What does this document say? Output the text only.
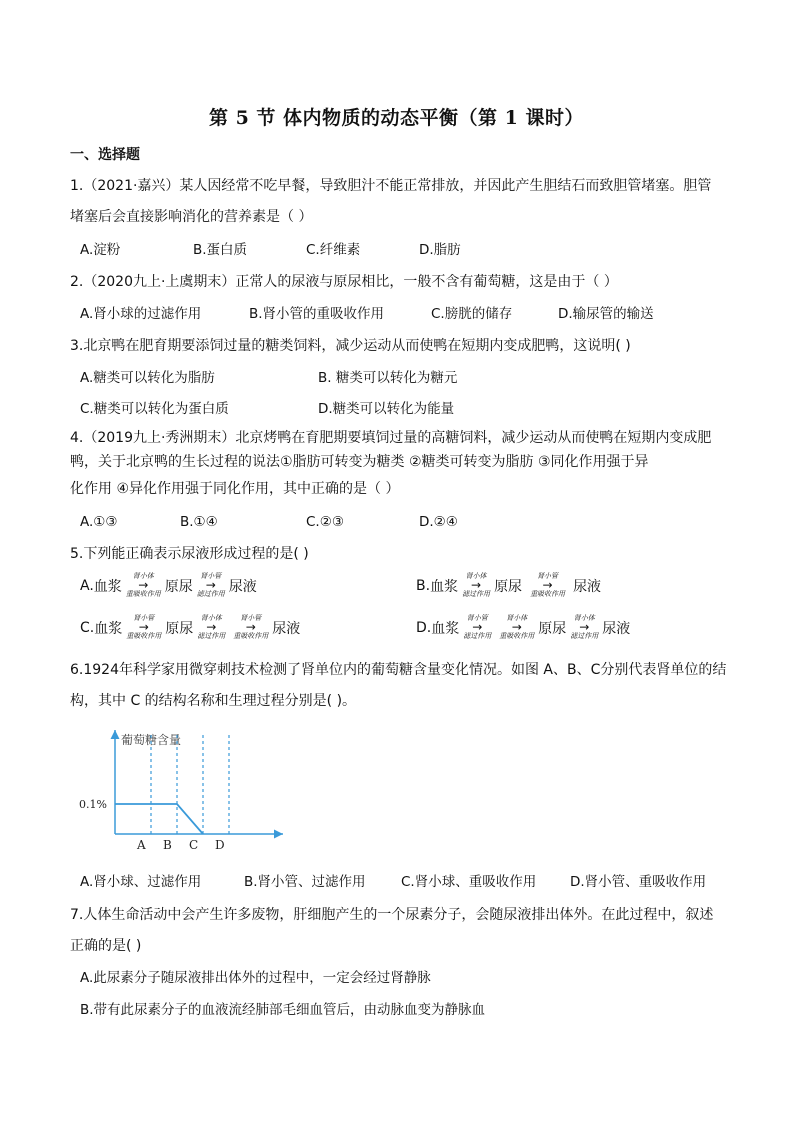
第 5 节 体内物质的动态平衡（第 1 课时）
一、选择题
1.（2021·嘉兴）某人因经常不吃早餐，导致胆汁不能正常排放，并因此产生胆结石而致胆管堵塞。胆管
堵塞后会直接影响消化的营养素是（ ）
A.淀粉	B.蛋白质	C.纤维素	D.脂肪
2.（2020九上·上虞期末）正常人的尿液与原尿相比，一般不含有葡萄糖，这是由于（ ）
A.肾小球的过滤作用	B.肾小管的重吸收作用	C.膀胱的储存	D.输尿管的输送
3.北京鸭在肥育期要添饲过量的糖类饲料，减少运动从而使鸭在短期内变成肥鸭，这说明( )
A.糖类可以转化为脂肪	B. 糖类可以转化为糖元
C.糖类可以转化为蛋白质	D.糖类可以转化为能量
4.（2019九上·秀洲期末）北京烤鸭在育肥期要填饲过量的高糖饲料，减少运动从而使鸭在短期内变成肥
鸭，关于北京鸭的生长过程的说法①脂肪可转变为糖类 ②糖类可转变为脂肪 ③同化作用强于异
化作用 ④异化作用强于同化作用，其中正确的是（ ）
A.①③	B.①④	C.②③	D.②④
5.下列能正确表示尿液形成过程的是( )
A. 血浆
肾小体
→
重吸收作用 原尿
肾小管
→
滤过作用 尿液	B. 血浆
肾小体
→
滤过作用 原尿
肾小管
→
重吸收作用 尿液
C. 血浆
肾小管
→
重吸收作用 原尿
肾小体
→
滤过作用
肾小管
→
重吸收作用 尿液	D. 血浆
肾小管
→
滤过作用
肾小体
→
重吸收作用 原尿
肾小体
→
滤过作用 尿液
6.1924年科学家用微穿刺技术检测了肾单位内的葡萄糖含量变化情况。如图 A、B、C分别代表肾单位的结
构，其中 C 的结构名称和生理过程分别是( )。
葡萄糖含量
0.1%
A B C D
A.肾小球、过滤作用	B.肾小管、过滤作用	C.肾小球、重吸收作用	D.肾小管、重吸收作用
7.人体生命活动中会产生许多废物，肝细胞产生的一个尿素分子，会随尿液排出体外。在此过程中，叙述
正确的是( )
A.此尿素分子随尿液排出体外的过程中，一定会经过肾静脉
B.带有此尿素分子的血液流经肺部毛细血管后，由动脉血变为静脉血
